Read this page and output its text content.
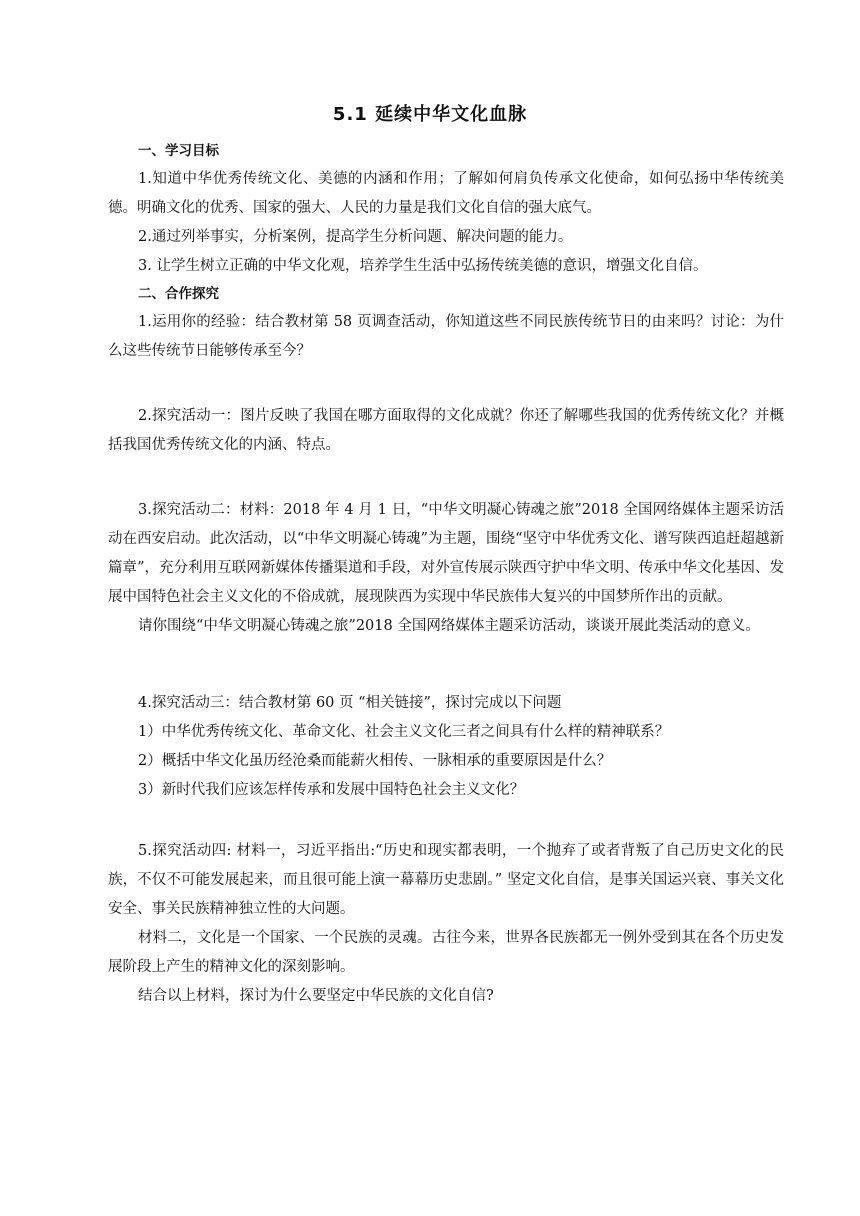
5.1 延续中华文化血脉
一、学习目标

1.知道中华优秀传统文化、美德的内涵和作用；了解如何肩负传承文化使命，如何弘扬中华传统美德。明确文化的优秀、国家的强大、人民的力量是我们文化自信的强大底气。

2.通过列举事实，分析案例，提高学生分析问题、解决问题的能力。

3. 让学生树立正确的中华文化观，培养学生生活中弘扬传统美德的意识，增强文化自信。

二、合作探究

1.运用你的经验：结合教材第 58 页调查活动，你知道这些不同民族传统节日的由来吗？讨论：为什么这些传统节日能够传承至今？

2.探究活动一：图片反映了我国在哪方面取得的文化成就？你还了解哪些我国的优秀传统文化？并概括我国优秀传统文化的内涵、特点。

3.探究活动二：材料：2018 年 4 月 1 日，“中华文明凝心铸魂之旅”2018 全国网络媒体主题采访活动在西安启动。此次活动，以“中华文明凝心铸魂”为主题，围绕“坚守中华优秀文化、谱写陕西追赶超越新篇章”，充分利用互联网新媒体传播渠道和手段，对外宣传展示陕西守护中华文明、传承中华文化基因、发展中国特色社会主义文化的不俗成就，展现陕西为实现中华民族伟大复兴的中国梦所作出的贡献。

请你围绕“中华文明凝心铸魂之旅”2018 全国网络媒体主题采访活动，谈谈开展此类活动的意义。

4.探究活动三：结合教材第 60 页 “相关链接”，探讨完成以下问题

1）中华优秀传统文化、革命文化、社会主义文化三者之间具有什么样的精神联系？

2）概括中华文化虽历经沧桑而能薪火相传、一脉相承的重要原因是什么？

3）新时代我们应该怎样传承和发展中国特色社会主义文化？

5.探究活动四: 材料一，习近平指出:“历史和现实都表明，一个抛弃了或者背叛了自己历史文化的民族，不仅不可能发展起来，而且很可能上演一幕幕历史悲剧。” 坚定文化自信，是事关国运兴衰、事关文化安全、事关民族精神独立性的大问题。

材料二，文化是一个国家、一个民族的灵魂。古往今来，世界各民族都无一例外受到其在各个历史发展阶段上产生的精神文化的深刻影响。

结合以上材料，探讨为什么要坚定中华民族的文化自信?
